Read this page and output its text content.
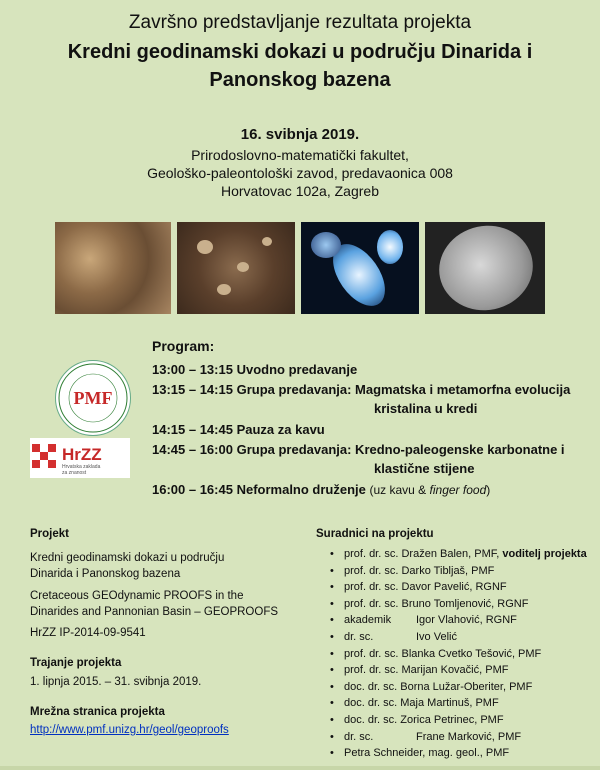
Završno predstavljanje rezultata projekta
Kredni geodinamski dokazi u području Dinarida i
Panonskog bazena
16. svibnja 2019.
Prirodoslovno-matematički fakultet,
Geološko-paleontološki zavod, predavaonica 008
Horvatovac 102a, Zagreb
Program:
13:00 – 13:15 Uvodno predavanje
13:15 – 14:15 Grupa predavanja: Magmatska i metamorfna evolucija
kristalina u kredi
14:15 – 14:45 Pauza za kavu
14:45 – 16:00 Grupa predavanja: Kredno-paleogenske karbonatne i
klastične stijene
16:00 – 16:45 Neformalno druženje (uz kavu & finger food)
PMF
HrZZ
Hrvatska zaklada
za znanost
Projekt
Kredni geodinamski dokazi u području
Dinarida i Panonskog bazena
Cretaceous GEOdynamic PROOFS in the
Dinarides and Pannonian Basin – GEOPROOFS
HrZZ IP-2014-09-9541
Trajanje projekta
1. lipnja 2015. – 31. svibnja 2019.
Mrežna stranica projekta
http://www.pmf.unizg.hr/geol/geoproofs
Suradnici na projektu
• prof. dr. sc. Dražen Balen, PMF, voditelj projekta
• prof. dr. sc. Darko Tibljaš, PMF
• prof. dr. sc. Davor Pavelić, RGNF
• prof. dr. sc. Bruno Tomljenović, RGNF
• akademik Igor Vlahović, RGNF
• dr. sc.	Ivo Velić
• prof. dr. sc. Blanka Cvetko Tešović, PMF
• prof. dr. sc. Marijan Kovačić, PMF
• doc. dr. sc. Borna Lužar-Oberiter, PMF
• doc. dr. sc. Maja Martinuš, PMF
• doc. dr. sc. Zorica Petrinec, PMF
• dr. sc.	Frane Marković, PMF
• Petra Schneider, mag. geol., PMF
